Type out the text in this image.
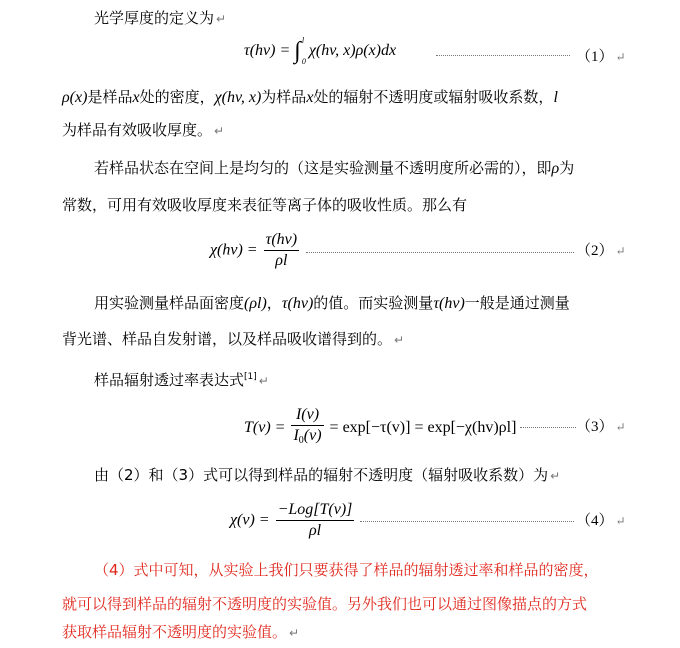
光学厚度的定义为 ↵
τ(hv) = ∫ l
0
χ(hv, x)ρ(x)dx	（1） ↵
ρ(x)是样品x处的密度，χ(hv, x)为样品x处的辐射不透明度或辐射吸收系数，l
为样品有效吸收厚度。 ↵
若样品状态在空间上是均匀的（这是实验测量不透明度所必需的），即ρ为
常数，可用有效吸收厚度来表征等离子体的吸收性质。那么有
$\chi(hv) = \frac{\tau(hv)}{\rho l}$	（2） ↵
用实验测量样品面密度(ρl)，τ(hv)的值。而实验测量τ(hv)一般是通过测量
背光谱、样品自发射谱，以及样品吸收谱得到的。 ↵
样品辐射透过率表达式[1] ↵
$T(v) = \frac{I(v)}{I_0(v)} = \exp[-\tau(v)] = \exp[-\chi(hv)\rho l]$	（3） ↵
由（2）和（3）式可以得到样品的辐射不透明度（辐射吸收系数）为 ↵
$\chi(v) = \frac{\text{−Log[T(v)]}}{\rho l}$	（4） ↵
（4）式中可知，从实验上我们只要获得了样品的辐射透过率和样品的密度，
就可以得到样品的辐射不透明度的实验值。另外我们也可以通过图像描点的方式
获取样品辐射不透明度的实验值。 ↵
